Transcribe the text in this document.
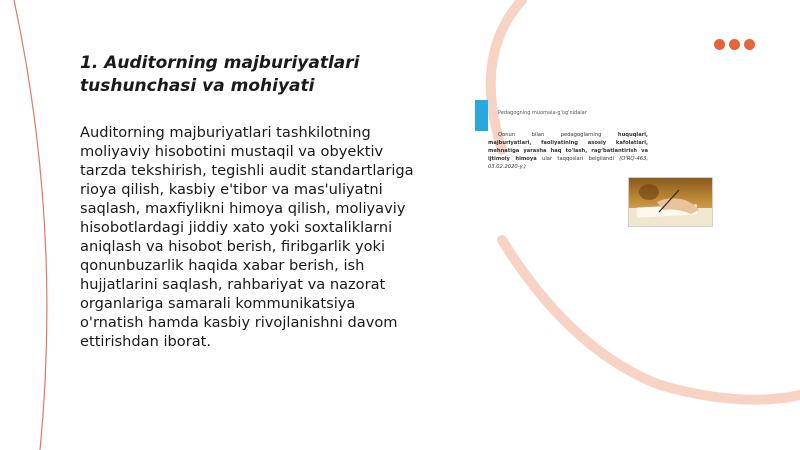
1. Auditorning majburiyatlari tushunchasi va mohiyati

Auditorning majburiyatlari tashkilotning moliyaviy hisobotini mustaqil va obyektiv tarzda tekshirish, tegishli audit standartlariga rioya qilish, kasbiy e'tibor va mas'uliyatni saqlash, maxfiylikni himoya qilish, moliyaviy hisobotlardagi jiddiy xato yoki soxtaliklarni aniqlash va hisobot berish, firibgarlik yoki qonunbuzarlik haqida xabar berish, ish hujjatlarini saqlash, rahbariyat va nazorat organlariga samarali kommunikatsiya o'rnatish hamda kasbiy rivojlanishni davom ettirishdan iborat.

Pedagogning muomala-g'og'nidalar
Qonun bilan pedagoglarning	huquqlari, majburiyatlari, faoliyatining asosiy kafolatlari, mehnatiga yarasha haq to'lash, ragʻbatlantirish va ijtimoiy himoya ular taqqoslari belgilandi (O'RQ-463, 03.02.2020-y.)
